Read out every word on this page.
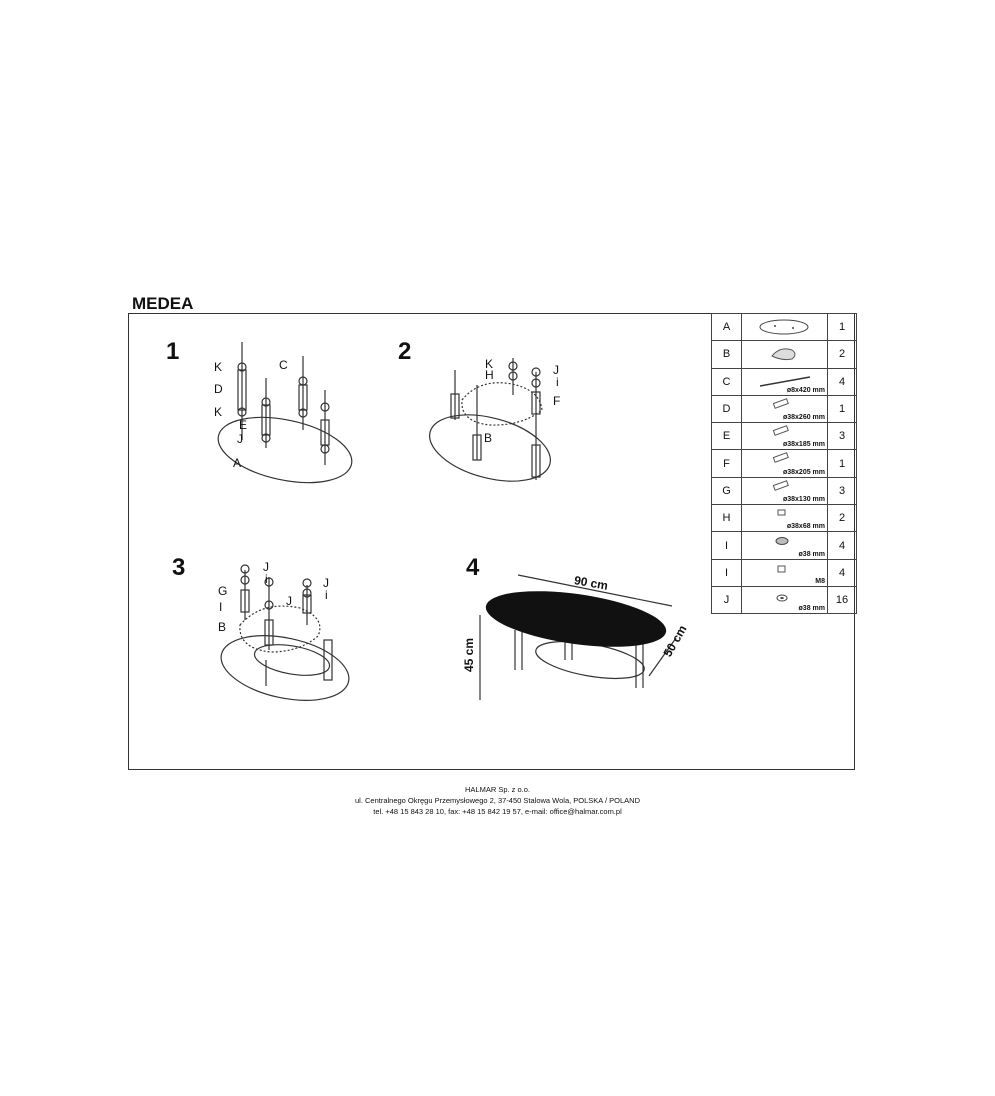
MEDEA
1	2
3	4
K	C
D
K
E
J
A
K
H	J
i
F
B
J
i
G
I	J
J
i
B
90 cm
50 cm
45 cm
A		1
B		2
C	ø8x420 mm	4
D	ø38x260 mm	1
E	ø38x185 mm	3
F	ø38x205 mm	1
G	ø38x130 mm	3
H	ø38x68 mm	2
I	ø38 mm	4
I	M8	4
J	ø38 mm	16
HALMAR Sp. z o.o.
ul. Centralnego Okręgu Przemysłowego 2, 37-450 Stalowa Wola, POLSKA / POLAND
tel. +48 15 843 28 10, fax: +48 15 842 19 57, e-mail: office@halmar.com.pl
